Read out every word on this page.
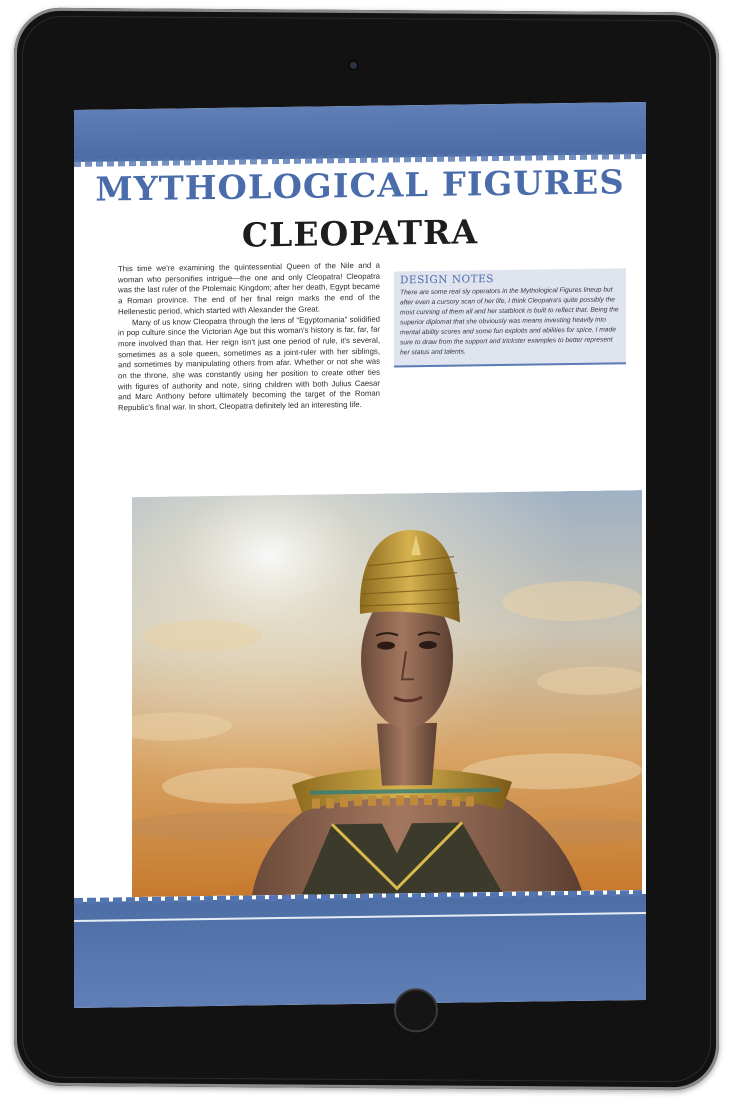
MYTHOLOGICAL FIGURES
CLEOPATRA

This time we're examining the quintessential Queen of the Nile and a woman who personifies intrigue—the one and only Cleopatra! Cleopatra was the last ruler of the Ptolemaic Kingdom; after her death, Egypt became a Roman province. The end of her final reign marks the end of the Hellenestic period, which started with Alexander the Great.

Many of us know Cleopatra through the lens of "Egyptomania" solidified in pop culture since the Victorian Age but this woman's history is far, far, far more involved than that. Her reign isn't just one period of rule, it's several, sometimes as a sole queen, sometimes as a joint-ruler with her siblings, and sometimes by manipulating others from afar. Whether or not she was on the throne, she was constantly using her position to create other ties with figures of authority and note, siring children with both Julius Caesar and Marc Anthony before ultimately becoming the target of the Roman Republic's final war. In short, Cleopatra definitely led an interesting life.

DESIGN NOTES

There are some real sly operators in the Mythological Figures lineup but after even a cursory scan of her life, I think Cleopatra's quite possibly the most cunning of them all and her statblock is built to reflect that. Being the superior diplomat that she obviously was means investing heavily into mental ability scores and some fun exploits and abilities for spice. I made sure to draw from the support and trickster examples to better represent her status and talents.
